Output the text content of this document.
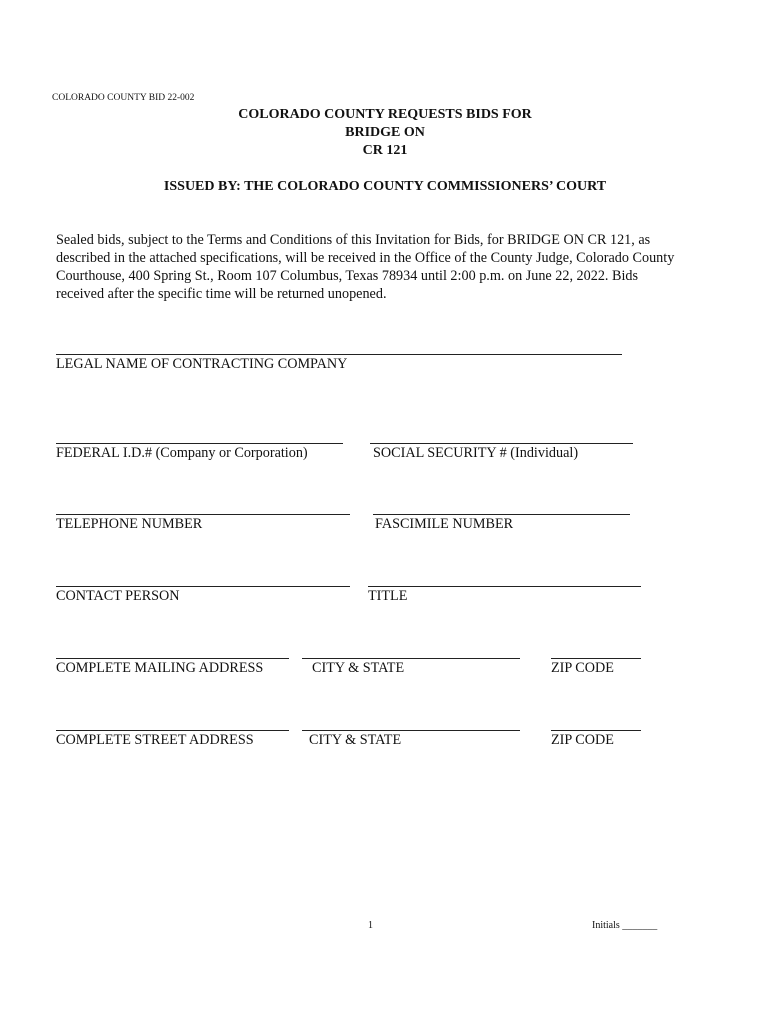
COLORADO COUNTY BID 22-002
COLORADO COUNTY REQUESTS BIDS FOR
BRIDGE ON
CR 121
ISSUED BY: THE COLORADO COUNTY COMMISSIONERS’ COURT
Sealed bids, subject to the Terms and Conditions of this Invitation for Bids, for BRIDGE ON CR 121, as
described in the attached specifications, will be received in the Office of the County Judge, Colorado County
Courthouse, 400 Spring St., Room 107 Columbus, Texas 78934 until 2:00 p.m. on June 22, 2022. Bids
received after the specific time will be returned unopened.
LEGAL NAME OF CONTRACTING COMPANY
FEDERAL I.D.# (Company or Corporation)	SOCIAL SECURITY # (Individual)
TELEPHONE NUMBER	FASCIMILE NUMBER
CONTACT PERSON	TITLE
COMPLETE MAILING ADDRESS	CITY & STATE	ZIP CODE
COMPLETE STREET ADDRESS	CITY & STATE	ZIP CODE
1	Initials _______
